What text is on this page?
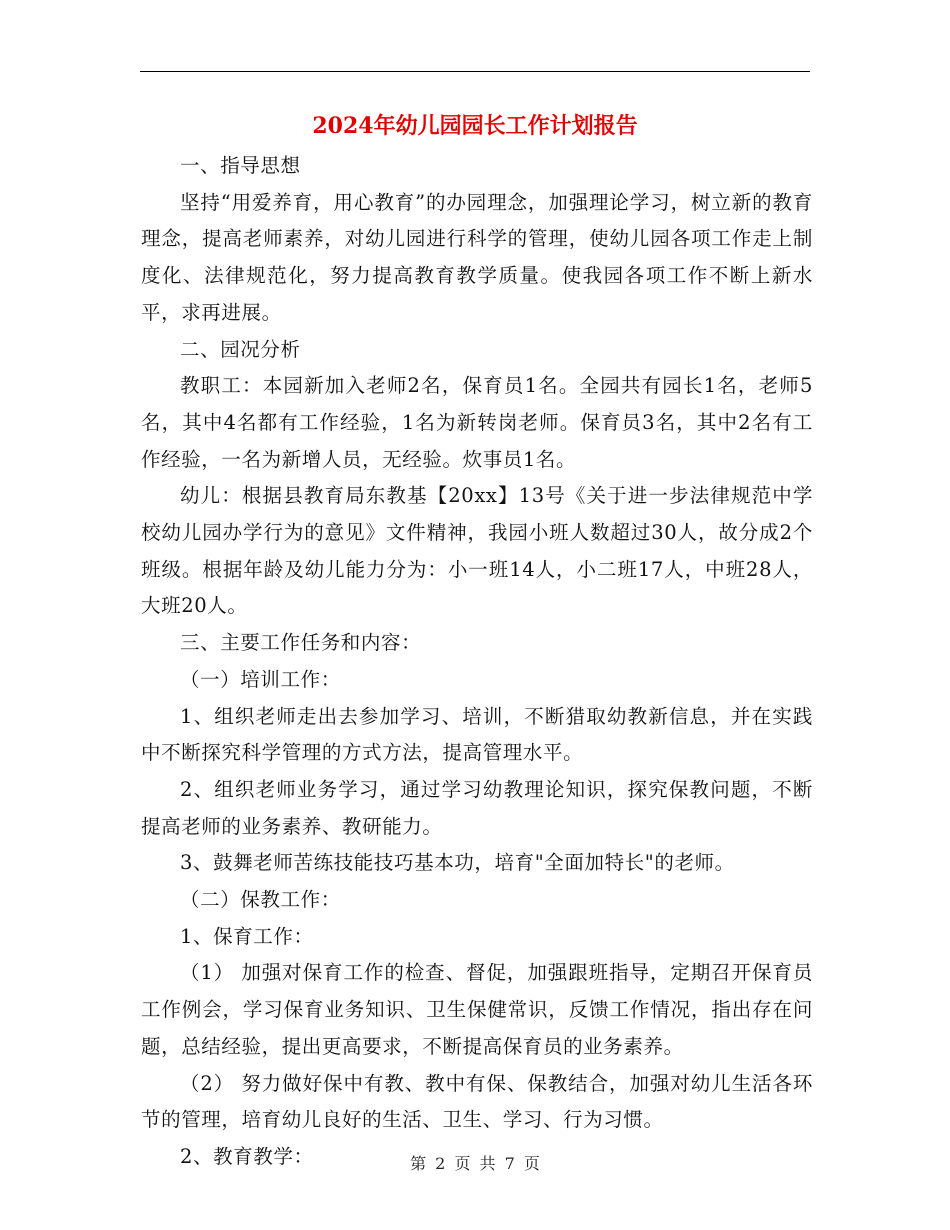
2024年幼儿园园长工作计划报告

一、指导思想

坚持“用爱养育，用心教育”的办园理念，加强理论学习，树立新的教育理念，提高老师素养，对幼儿园进行科学的管理，使幼儿园各项工作走上制度化、法律规范化，努力提高教育教学质量。使我园各项工作不断上新水平，求再进展。

二、园况分析

教职工：本园新加入老师2名，保育员1名。全园共有园长1名，老师5名，其中4名都有工作经验，1名为新转岗老师。保育员3名，其中2名有工作经验，一名为新增人员，无经验。炊事员1名。

幼儿：根据县教育局东教基【20xx】13号《关于进一步法律规范中学校幼儿园办学行为的意见》文件精神，我园小班人数超过30人，故分成2个班级。根据年龄及幼儿能力分为：小一班14人，小二班17人，中班28人，大班20人。

三、主要工作任务和内容：

（一）培训工作：

1、组织老师走出去参加学习、培训，不断猎取幼教新信息，并在实践中不断探究科学管理的方式方法，提高管理水平。

2、组织老师业务学习，通过学习幼教理论知识，探究保教问题，不断提高老师的业务素养、教研能力。

3、鼓舞老师苦练技能技巧基本功，培育"全面加特长"的老师。

（二）保教工作：

1、保育工作：

（1） 加强对保育工作的检查、督促，加强跟班指导，定期召开保育员工作例会，学习保育业务知识、卫生保健常识，反馈工作情况，指出存在问题，总结经验，提出更高要求，不断提高保育员的业务素养。

（2） 努力做好保中有教、教中有保、保教结合，加强对幼儿生活各环节的管理，培育幼儿良好的生活、卫生、学习、行为习惯。

2、教育教学：	第 2 页 共 7 页
